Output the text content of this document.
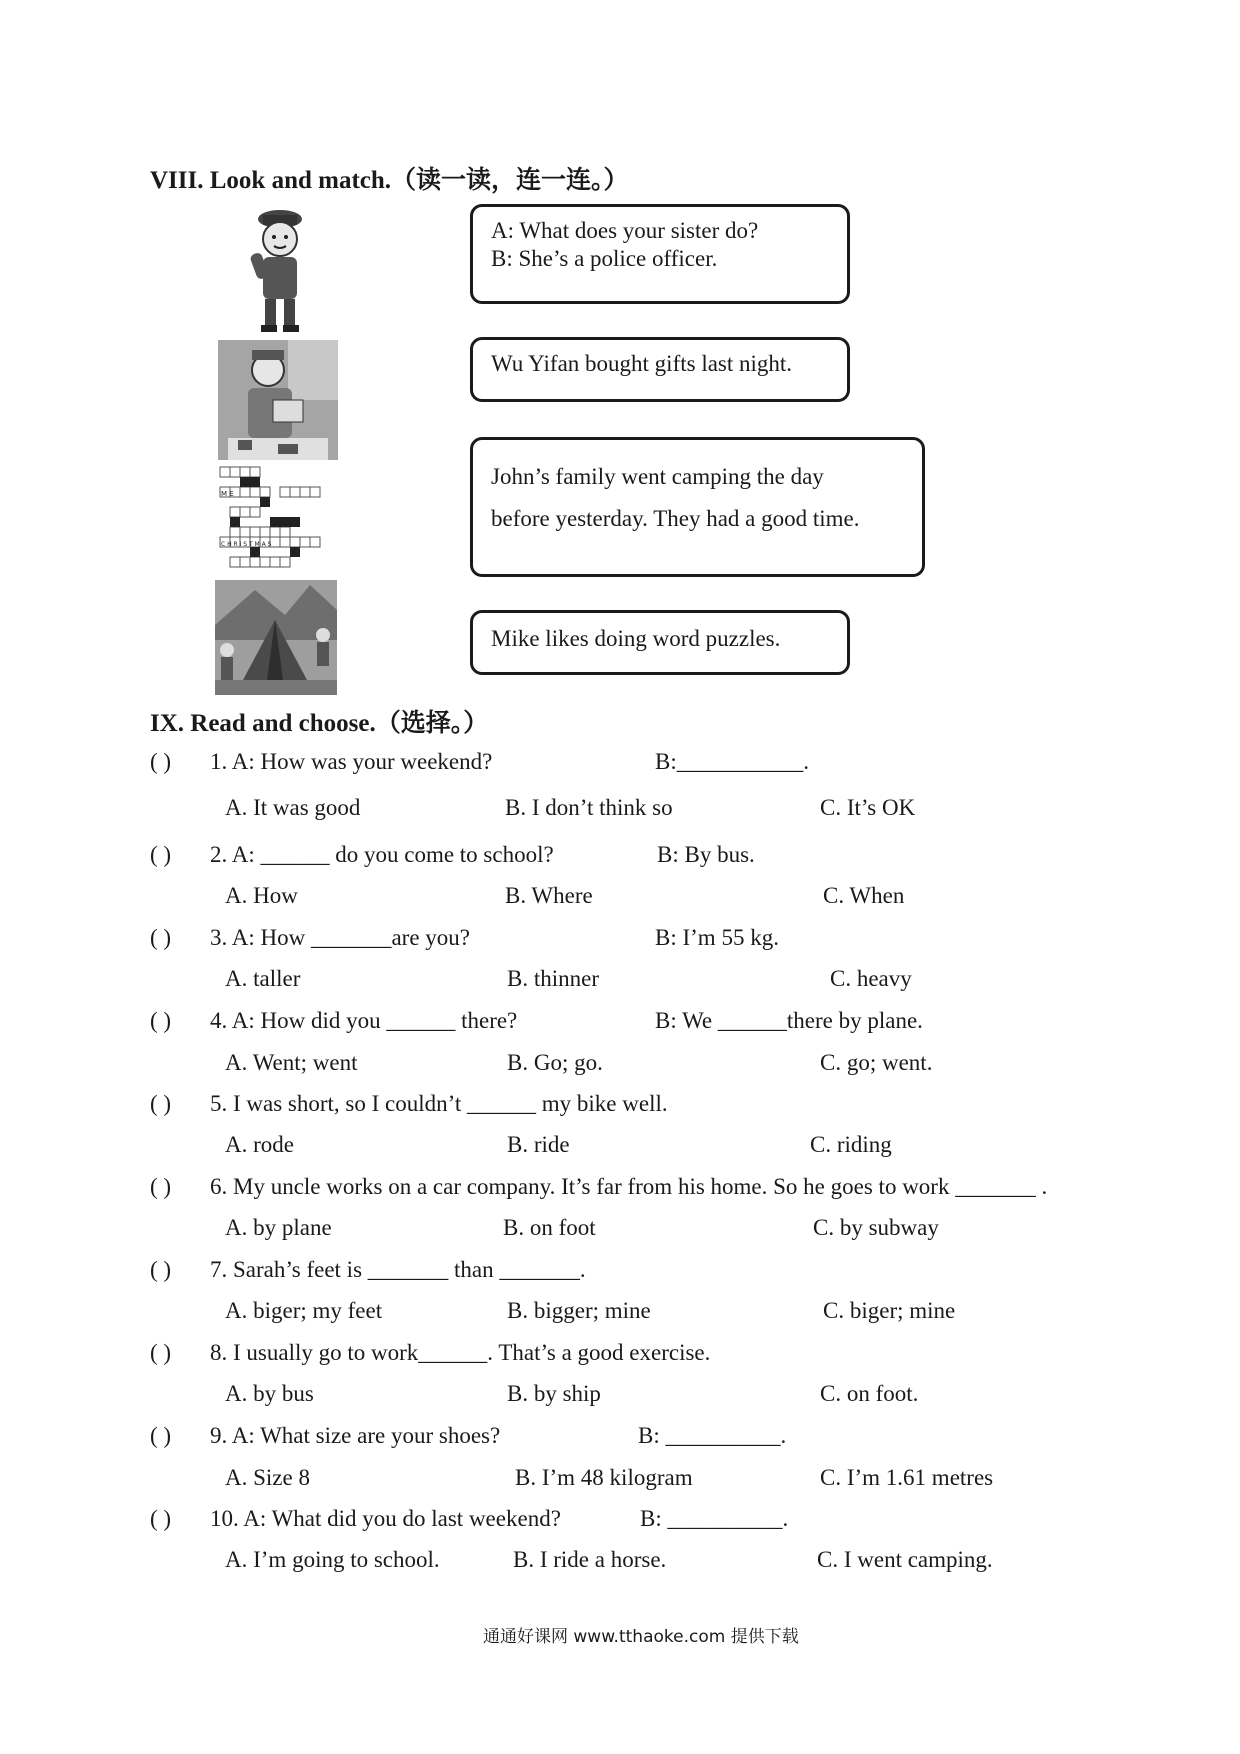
VIII. Look and match.（读一读，连一连。）
M E
C H R I S T M A S
A: What does your sister do?
B: She’s a police officer.
Wu Yifan bought gifts last night.
John’s family went camping the day
before yesterday. They had a good time.
Mike likes doing word puzzles.
IX. Read and choose.（选择。）
( ) 1. A: How was your weekend?	B:___________.
A. It was good	B. I don’t think so	C. It’s OK
( ) 2. A: ______ do you come to school?	B: By bus.
A. How	B. Where	C. When
( ) 3. A: How _______are you?	B: I’m 55 kg.
A. taller	B. thinner	C. heavy
( ) 4. A: How did you ______ there?	B: We ______there by plane.
A. Went; went	B. Go; go.	C. go; went.
( ) 5. I was short, so I couldn’t ______ my bike well.
A. rode	B. ride	C. riding
( ) 6. My uncle works on a car company. It’s far from his home. So he goes to work _______ .
A. by plane	B. on foot	C. by subway
( ) 7. Sarah’s feet is _______ than _______.
A. biger; my feet	B. bigger; mine	C. biger; mine
( ) 8. I usually go to work______. That’s a good exercise.
A. by bus	B. by ship	C. on foot.
( ) 9. A: What size are your shoes?	B: __________.
A. Size 8	B. I’m 48 kilogram	C. I’m 1.61 metres
( ) 10. A: What did you do last weekend?	B: __________.
A. I’m going to school.	B. I ride a horse.	C. I went camping.
通通好课网 www.tthaoke.com 提供下载
